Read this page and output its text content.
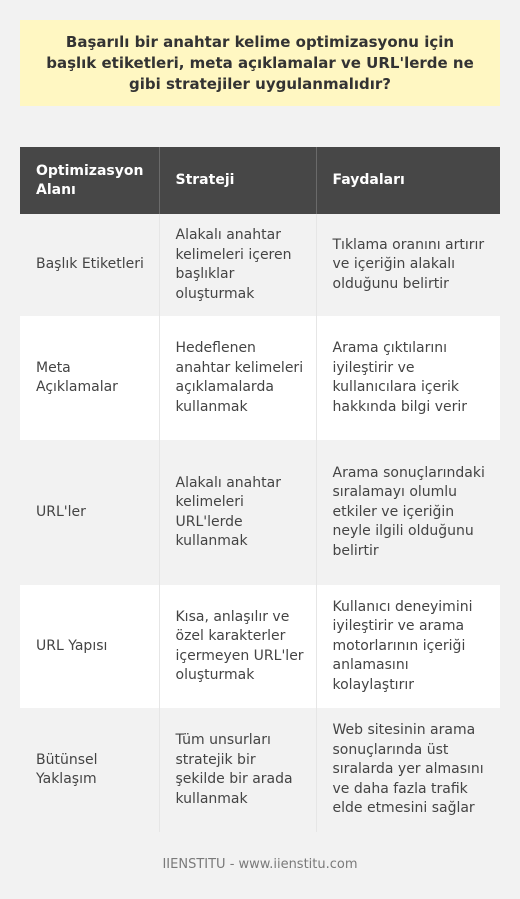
Başarılı bir anahtar kelime optimizasyonu için başlık etiketleri, meta açıklamalar ve URL'lerde ne gibi stratejiler uygulanmalıdır?

Optimizasyon Alanı	Strateji	Faydaları
Başlık Etiketleri	Alakalı anahtar kelimeleri içeren başlıklar oluşturmak	Tıklama oranını artırır ve içeriğin alakalı olduğunu belirtir
Meta Açıklamalar	Hedeflenen anahtar kelimeleri açıklamalarda kullanmak	Arama çıktılarını iyileştirir ve kullanıcılara içerik hakkında bilgi verir
URL'ler	Alakalı anahtar kelimeleri URL'lerde kullanmak	Arama sonuçlarındaki sıralamayı olumlu etkiler ve içeriğin neyle ilgili olduğunu belirtir
URL Yapısı	Kısa, anlaşılır ve özel karakterler içermeyen URL'ler oluşturmak	Kullanıcı deneyimini iyileştirir ve arama motorlarının içeriği anlamasını kolaylaştırır
Bütünsel Yaklaşım	Tüm unsurları stratejik bir şekilde bir arada kullanmak	Web sitesinin arama sonuçlarında üst sıralarda yer almasını ve daha fazla trafik elde etmesini sağlar
IIENSTITU - www.iienstitu.com
